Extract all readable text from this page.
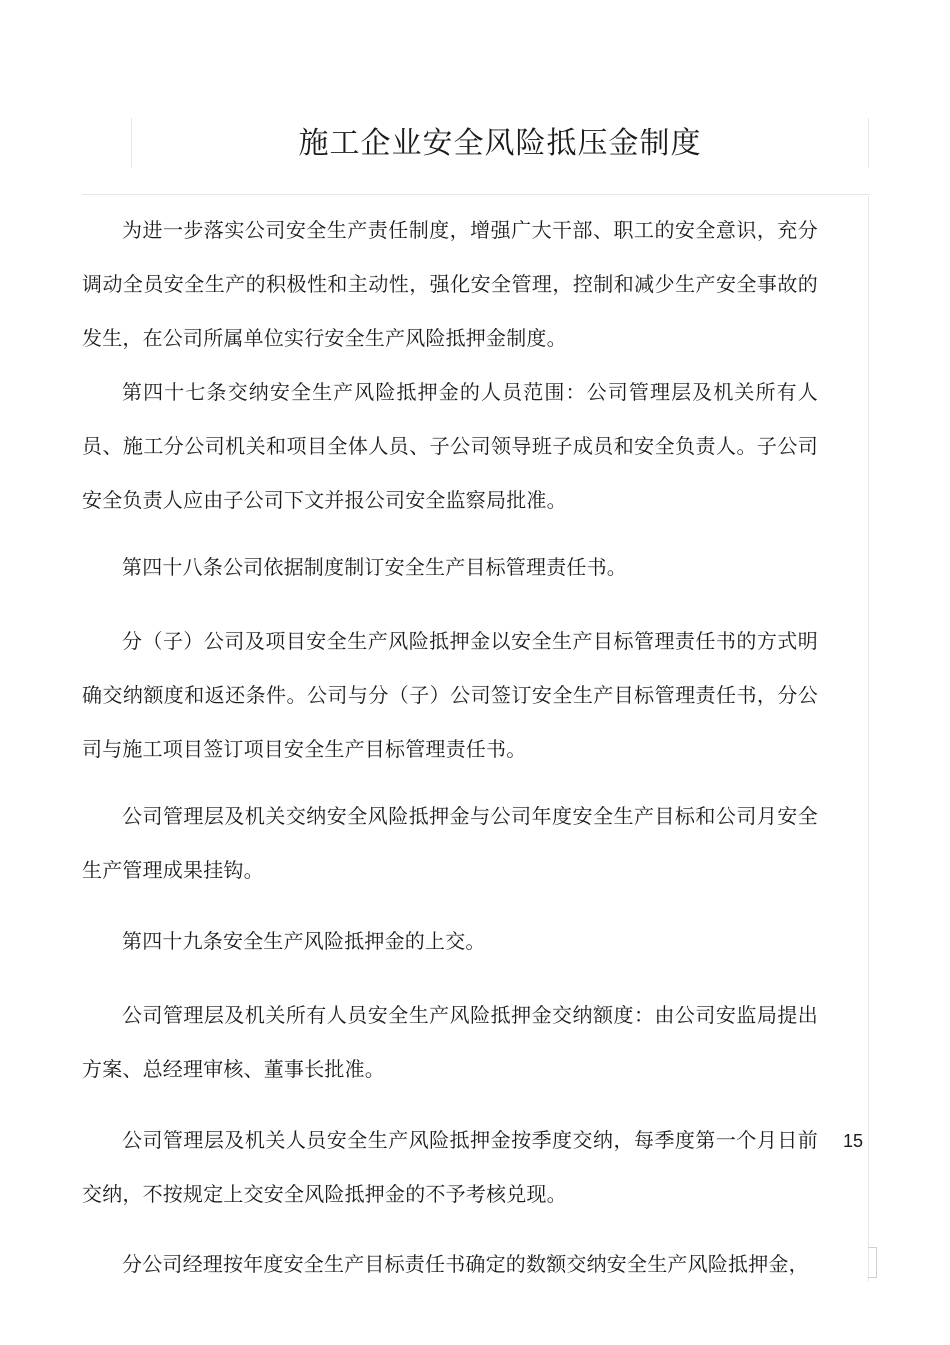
施工企业安全风险抵压金制度

为进一步落实公司安全生产责任制度，增强广大干部、职工的安全意识，充分调动全员安全生产的积极性和主动性，强化安全管理，控制和减少生产安全事故的发生，在公司所属单位实行安全生产风险抵押金制度。

第四十七条交纳安全生产风险抵押金的人员范围：公司管理层及机关所有人员、施工分公司机关和项目全体人员、子公司领导班子成员和安全负责人。子公司安全负责人应由子公司下文并报公司安全监察局批准。

第四十八条公司依据制度制订安全生产目标管理责任书。

分（子）公司及项目安全生产风险抵押金以安全生产目标管理责任书的方式明确交纳额度和返还条件。公司与分（子）公司签订安全生产目标管理责任书，分公司与施工项目签订项目安全生产目标管理责任书。

公司管理层及机关交纳安全风险抵押金与公司年度安全生产目标和公司月安全生产管理成果挂钩。

第四十九条安全生产风险抵押金的上交。

公司管理层及机关所有人员安全生产风险抵押金交纳额度：由公司安监局提出方案、总经理审核、董事长批准。

公司管理层及机关人员安全生产风险抵押金按季度交纳，每季度第一个月日前交纳，不按规定上交安全风险抵押金的不予考核兑现。

分公司经理按年度安全生产目标责任书确定的数额交纳安全生产风险抵押金，

15
